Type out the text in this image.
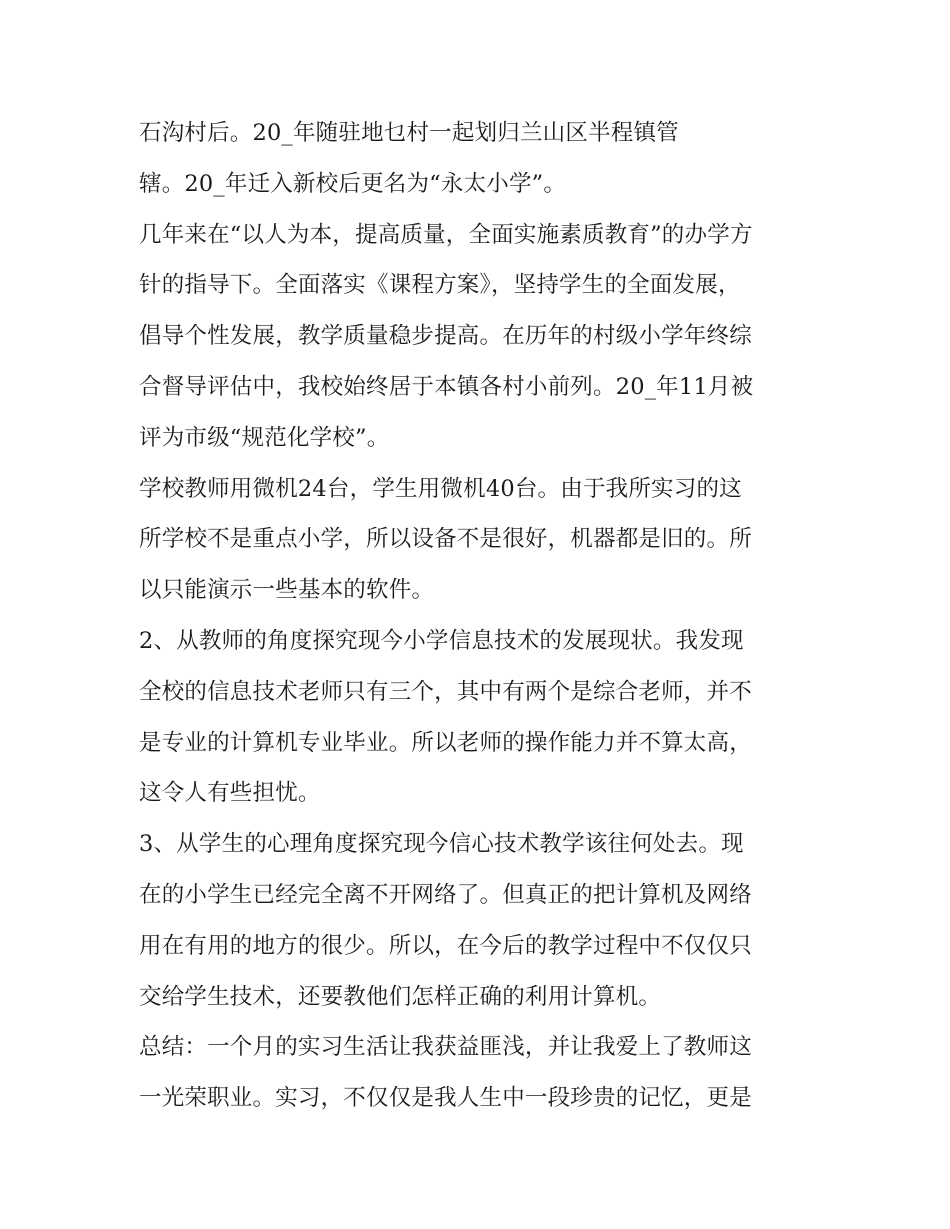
石沟村后。20_年随驻地乜村一起划归兰山区半程镇管
辖。20_年迁入新校后更名为“永太小学”。
几年来在“以人为本，提高质量，全面实施素质教育”的办学方
针的指导下。全面落实《课程方案》，坚持学生的全面发展，
倡导个性发展，教学质量稳步提高。在历年的村级小学年终综
合督导评估中，我校始终居于本镇各村小前列。20_年11月被
评为市级“规范化学校”。
学校教师用微机24台，学生用微机40台。由于我所实习的这
所学校不是重点小学，所以设备不是很好，机器都是旧的。所
以只能演示一些基本的软件。
2、从教师的角度探究现今小学信息技术的发展现状。我发现
全校的信息技术老师只有三个，其中有两个是综合老师，并不
是专业的计算机专业毕业。所以老师的操作能力并不算太高，
这令人有些担忧。
3、从学生的心理角度探究现今信心技术教学该往何处去。现
在的小学生已经完全离不开网络了。但真正的把计算机及网络
用在有用的地方的很少。所以，在今后的教学过程中不仅仅只
交给学生技术，还要教他们怎样正确的利用计算机。
总结：一个月的实习生活让我获益匪浅，并让我爱上了教师这
一光荣职业。实习，不仅仅是我人生中一段珍贵的记忆，更是
